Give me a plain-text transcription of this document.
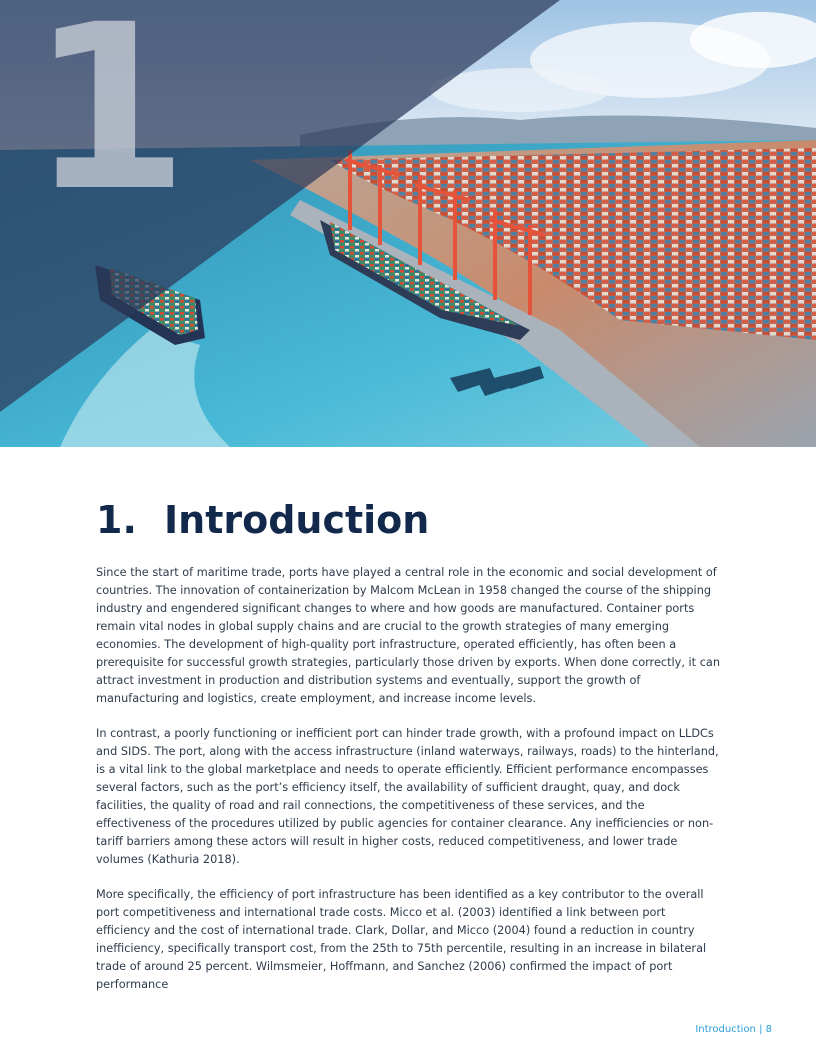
1
1. Introduction

Since the start of maritime trade, ports have played a central role in the economic and social development of countries. The innovation of containerization by Malcom McLean in 1958 changed the course of the shipping industry and engendered significant changes to where and how goods are manufactured. Container ports remain vital nodes in global supply chains and are crucial to the growth strategies of many emerging economies. The development of high-quality port infrastructure, operated efficiently, has often been a prerequisite for successful growth strategies, particularly those driven by exports. When done correctly, it can attract investment in production and distribution systems and eventually, support the growth of manufacturing and logistics, create employment, and increase income levels.

In contrast, a poorly functioning or inefficient port can hinder trade growth, with a profound impact on LLDCs and SIDS. The port, along with the access infrastructure (inland waterways, railways, roads) to the hinterland, is a vital link to the global marketplace and needs to operate efficiently. Efficient performance encompasses several factors, such as the port’s efficiency itself, the availability of sufficient draught, quay, and dock facilities, the quality of road and rail connections, the competitiveness of these services, and the effectiveness of the procedures utilized by public agencies for container clearance. Any inefficiencies or non-tariff barriers among these actors will result in higher costs, reduced competitiveness, and lower trade volumes (Kathuria 2018).

More specifically, the efficiency of port infrastructure has been identified as a key contributor to the overall port competitiveness and international trade costs. Micco et al. (2003) identified a link between port efficiency and the cost of international trade. Clark, Dollar, and Micco (2004) found a reduction in country inefficiency, specifically transport cost, from the 25th to 75th percentile, resulting in an increase in bilateral trade of around 25 percent. Wilmsmeier, Hoffmann, and Sanchez (2006) confirmed the impact of port performance

Introduction | 8
